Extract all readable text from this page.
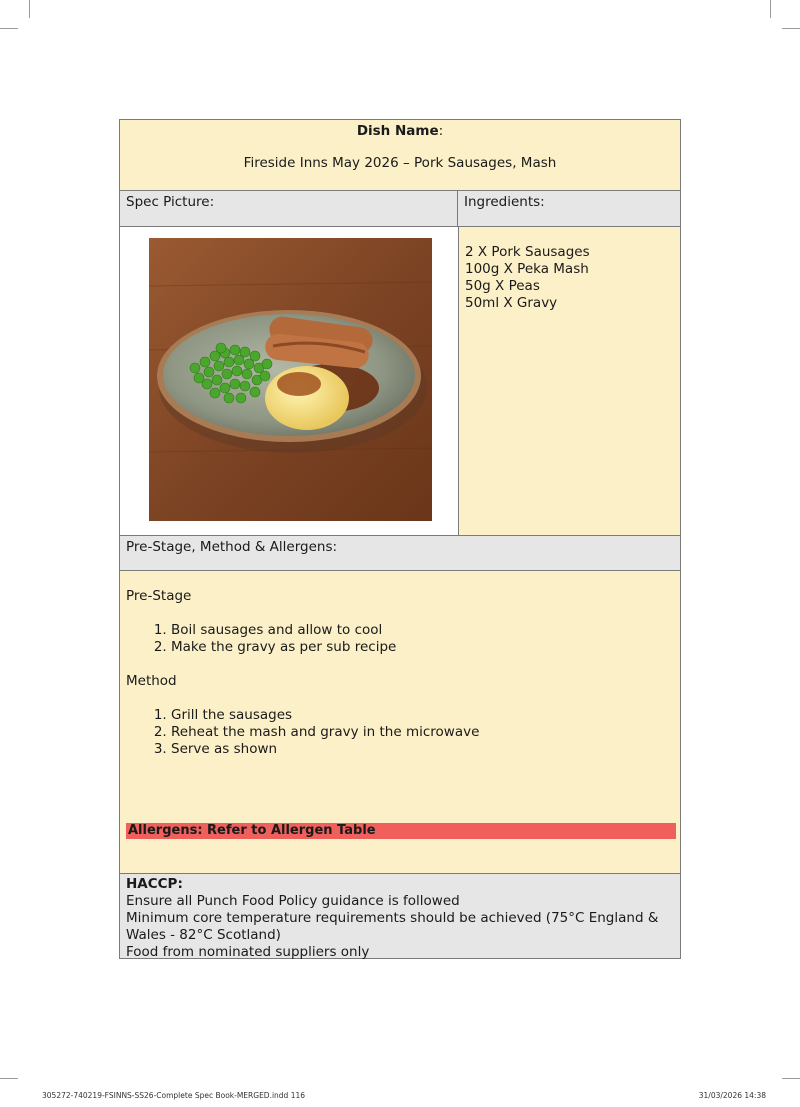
Dish Name:
Fireside Inns May 2026 – Pork Sausages, Mash
Spec Picture:	Ingredients:
2 X Pork Sausages
100g X Peka Mash
50g X Peas
50ml X Gravy
Pre-Stage, Method & Allergens:
Pre-Stage
1. Boil sausages and allow to cool
2. Make the gravy as per sub recipe
Method
1. Grill the sausages
2. Reheat the mash and gravy in the microwave
3. Serve as shown
Allergens: Refer to Allergen Table
HACCP:
Ensure all Punch Food Policy guidance is followed
Minimum core temperature requirements should be achieved (75°C England & Wales - 82°C Scotland)
Food from nominated suppliers only
305272-740219-FSINNS-SS26-Complete Spec Book-MERGED.indd 116	31/03/2026 14:38
